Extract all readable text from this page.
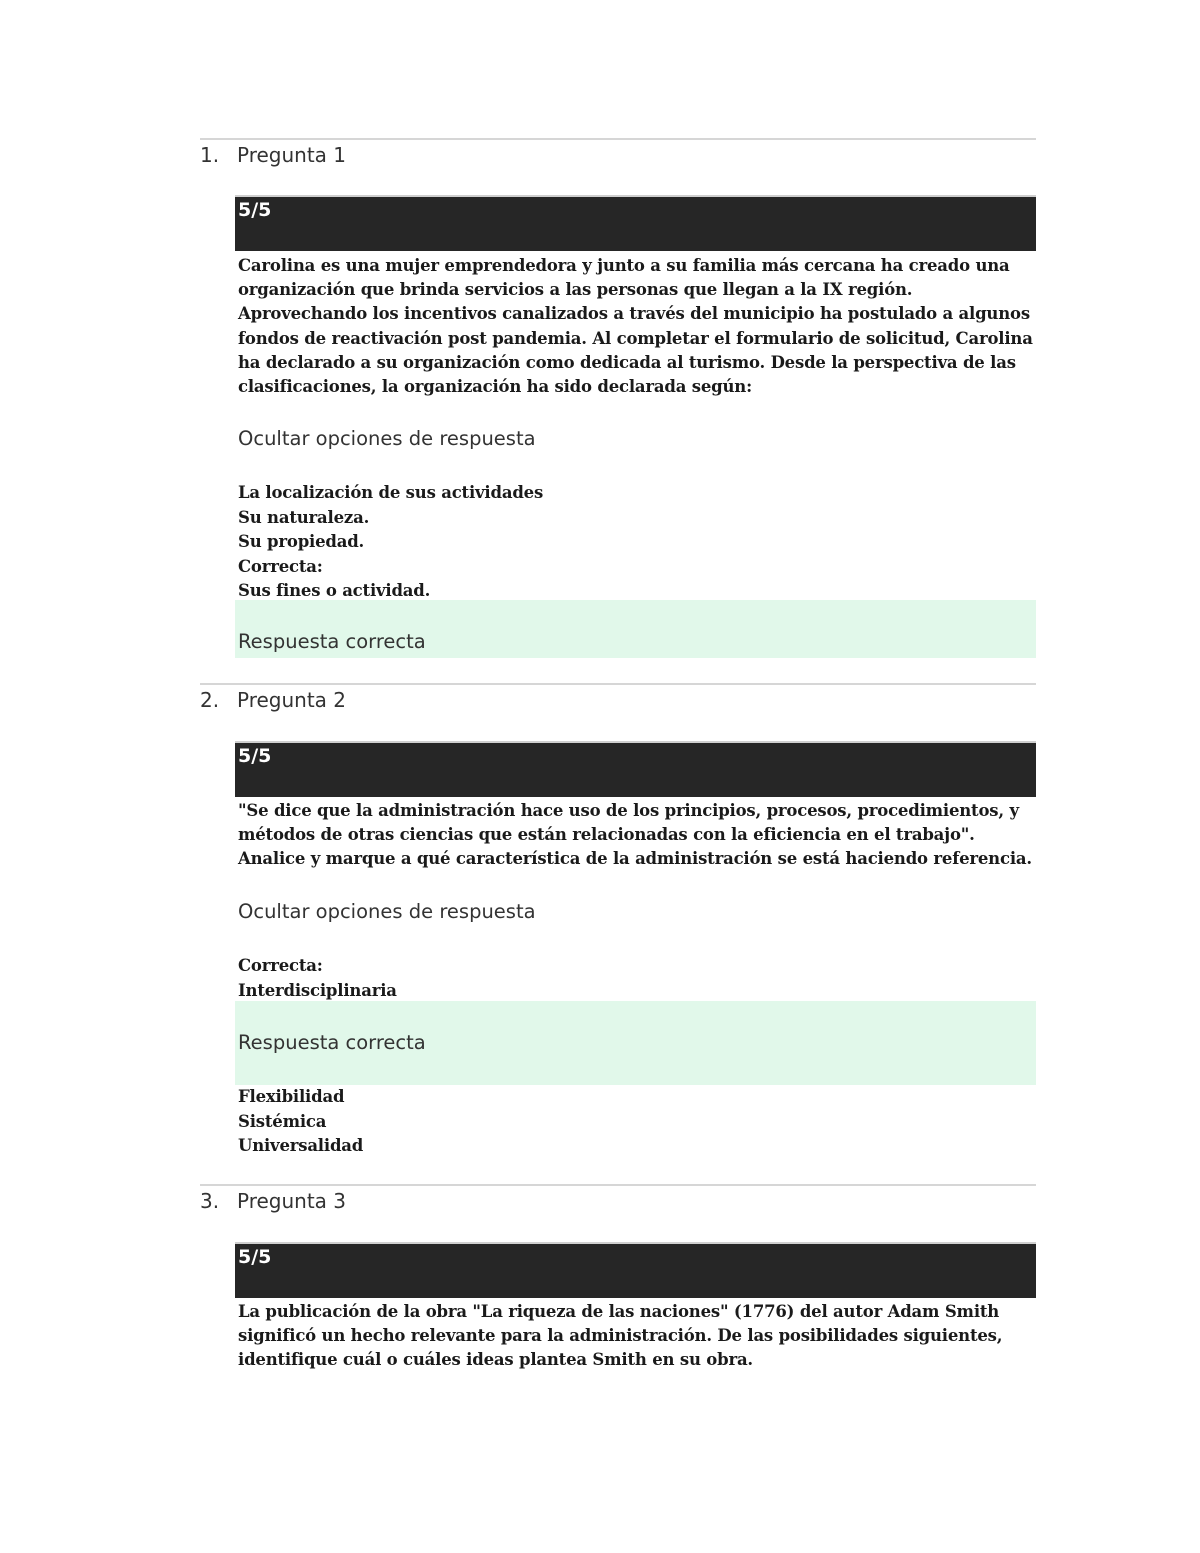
1. Pregunta 1
5/5
Carolina es una mujer emprendedora y junto a su familia más cercana ha creado una organización que brinda servicios a las personas que llegan a la IX región. Aprovechando los incentivos canalizados a través del municipio ha postulado a algunos fondos de reactivación post pandemia. Al completar el formulario de solicitud, Carolina ha declarado a su organización como dedicada al turismo. Desde la perspectiva de las clasificaciones, la organización ha sido declarada según:
Ocultar opciones de respuesta
La localización de sus actividades
Su naturaleza.
Su propiedad.
Correcta:
Sus fines o actividad.
Respuesta correcta
2. Pregunta 2
5/5
"Se dice que la administración hace uso de los principios, procesos, procedimientos, y métodos de otras ciencias que están relacionadas con la eficiencia en el trabajo". Analice y marque a qué característica de la administración se está haciendo referencia.
Ocultar opciones de respuesta
Correcta:
Interdisciplinaria
Respuesta correcta
Flexibilidad
Sistémica
Universalidad
3. Pregunta 3
5/5
La publicación de la obra "La riqueza de las naciones" (1776) del autor Adam Smith significó un hecho relevante para la administración. De las posibilidades siguientes, identifique cuál o cuáles ideas plantea Smith en su obra.
